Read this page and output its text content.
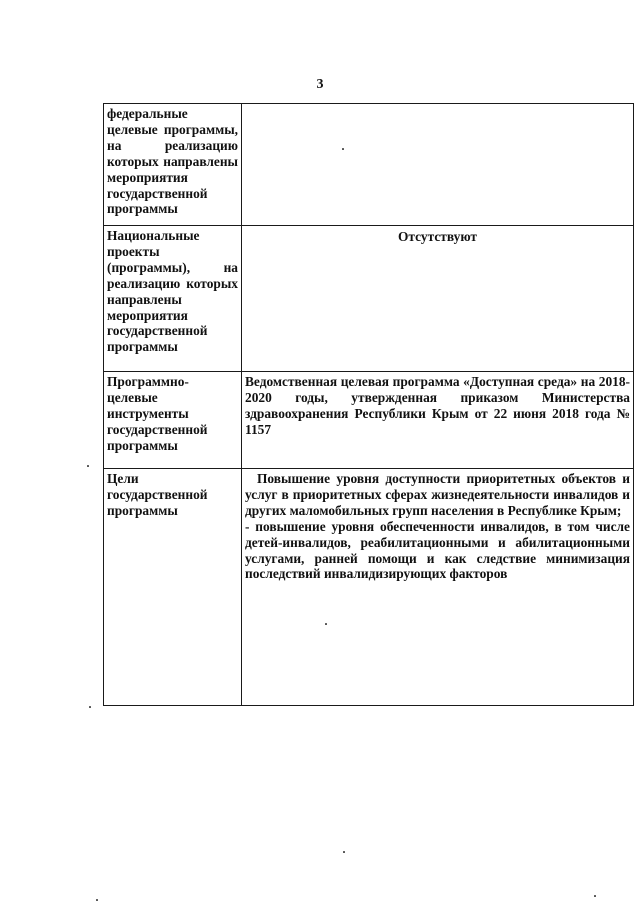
3
федеральные целевые программы, на реализацию которых направлены мероприятия государственной программы	

Национальные проекты (программы), на реализацию которых направлены мероприятия государственной программы	Отсутствуют

Программно-целевые инструменты государственной программы	Ведомственная целевая программа «Доступная среда» на 2018-2020 годы, утвержденная приказом Министерства здравоохранения Республики Крым от 22 июня 2018 года № 1157

Цели государственной программы	Повышение уровня доступности приоритетных объектов и услуг в приоритетных сферах жизнедеятельности инвалидов и других маломобильных групп населения в Республике Крым;
- повышение уровня обеспеченности инвалидов, в том числе детей-инвалидов, реабилитационными и абилитационными услугами, ранней помощи и как следствие минимизация последствий инвалидизирующих факторов
